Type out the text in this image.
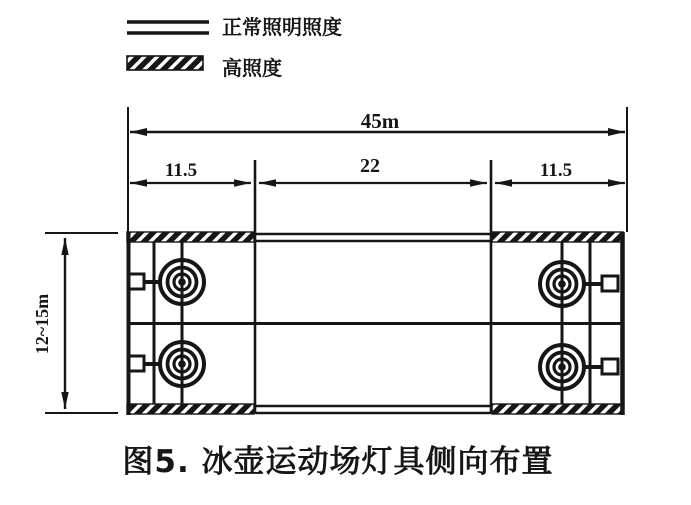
正常照明照度
高照度
45m
11.5	22	11.5
12~15m
图5. 冰壶运动场灯具侧向布置
